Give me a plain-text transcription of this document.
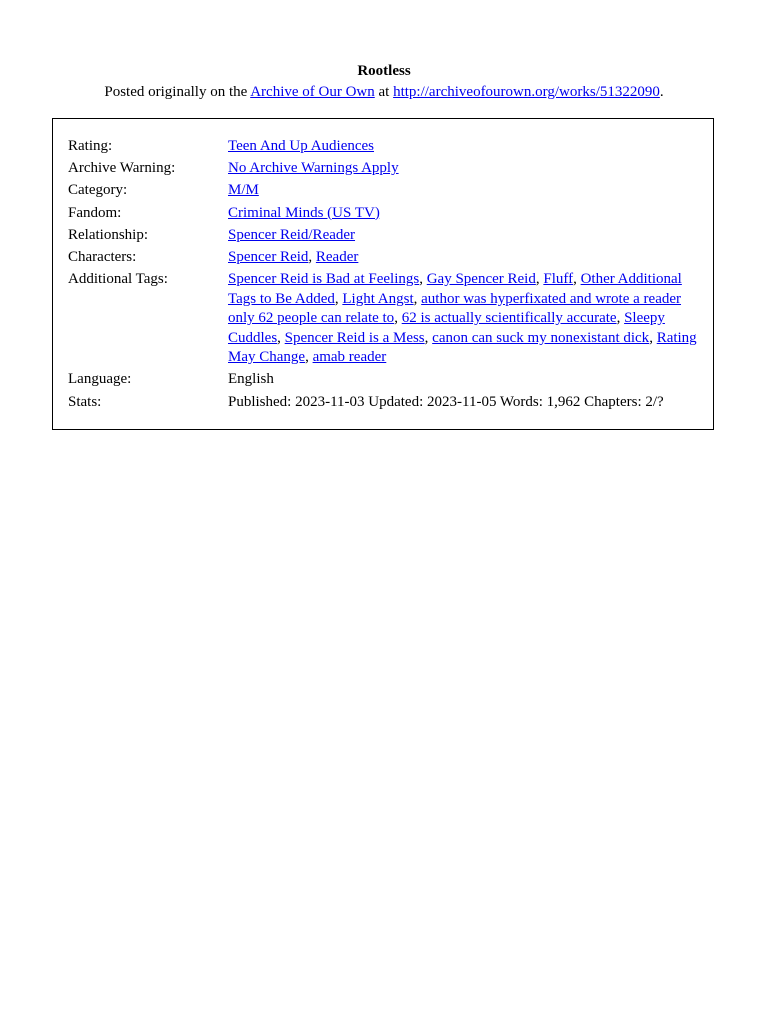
Rootless
Posted originally on the Archive of Our Own at http://archiveofourown.org/works/51322090.
Rating:	Teen And Up Audiences
Archive Warning:	No Archive Warnings Apply
Category:	M/M
Fandom:	Criminal Minds (US TV)
Relationship:	Spencer Reid/Reader
Characters:	Spencer Reid, Reader
Additional Tags:	Spencer Reid is Bad at Feelings, Gay Spencer Reid, Fluff, Other Additional Tags to Be Added, Light Angst, author was hyperfixated and wrote a reader only 62 people can relate to, 62 is actually scientifically accurate, Sleepy Cuddles, Spencer Reid is a Mess, canon can suck my nonexistant dick, Rating May Change, amab reader
Language:	English
Stats:	Published: 2023-11-03 Updated: 2023-11-05 Words: 1,962 Chapters: 2/?
